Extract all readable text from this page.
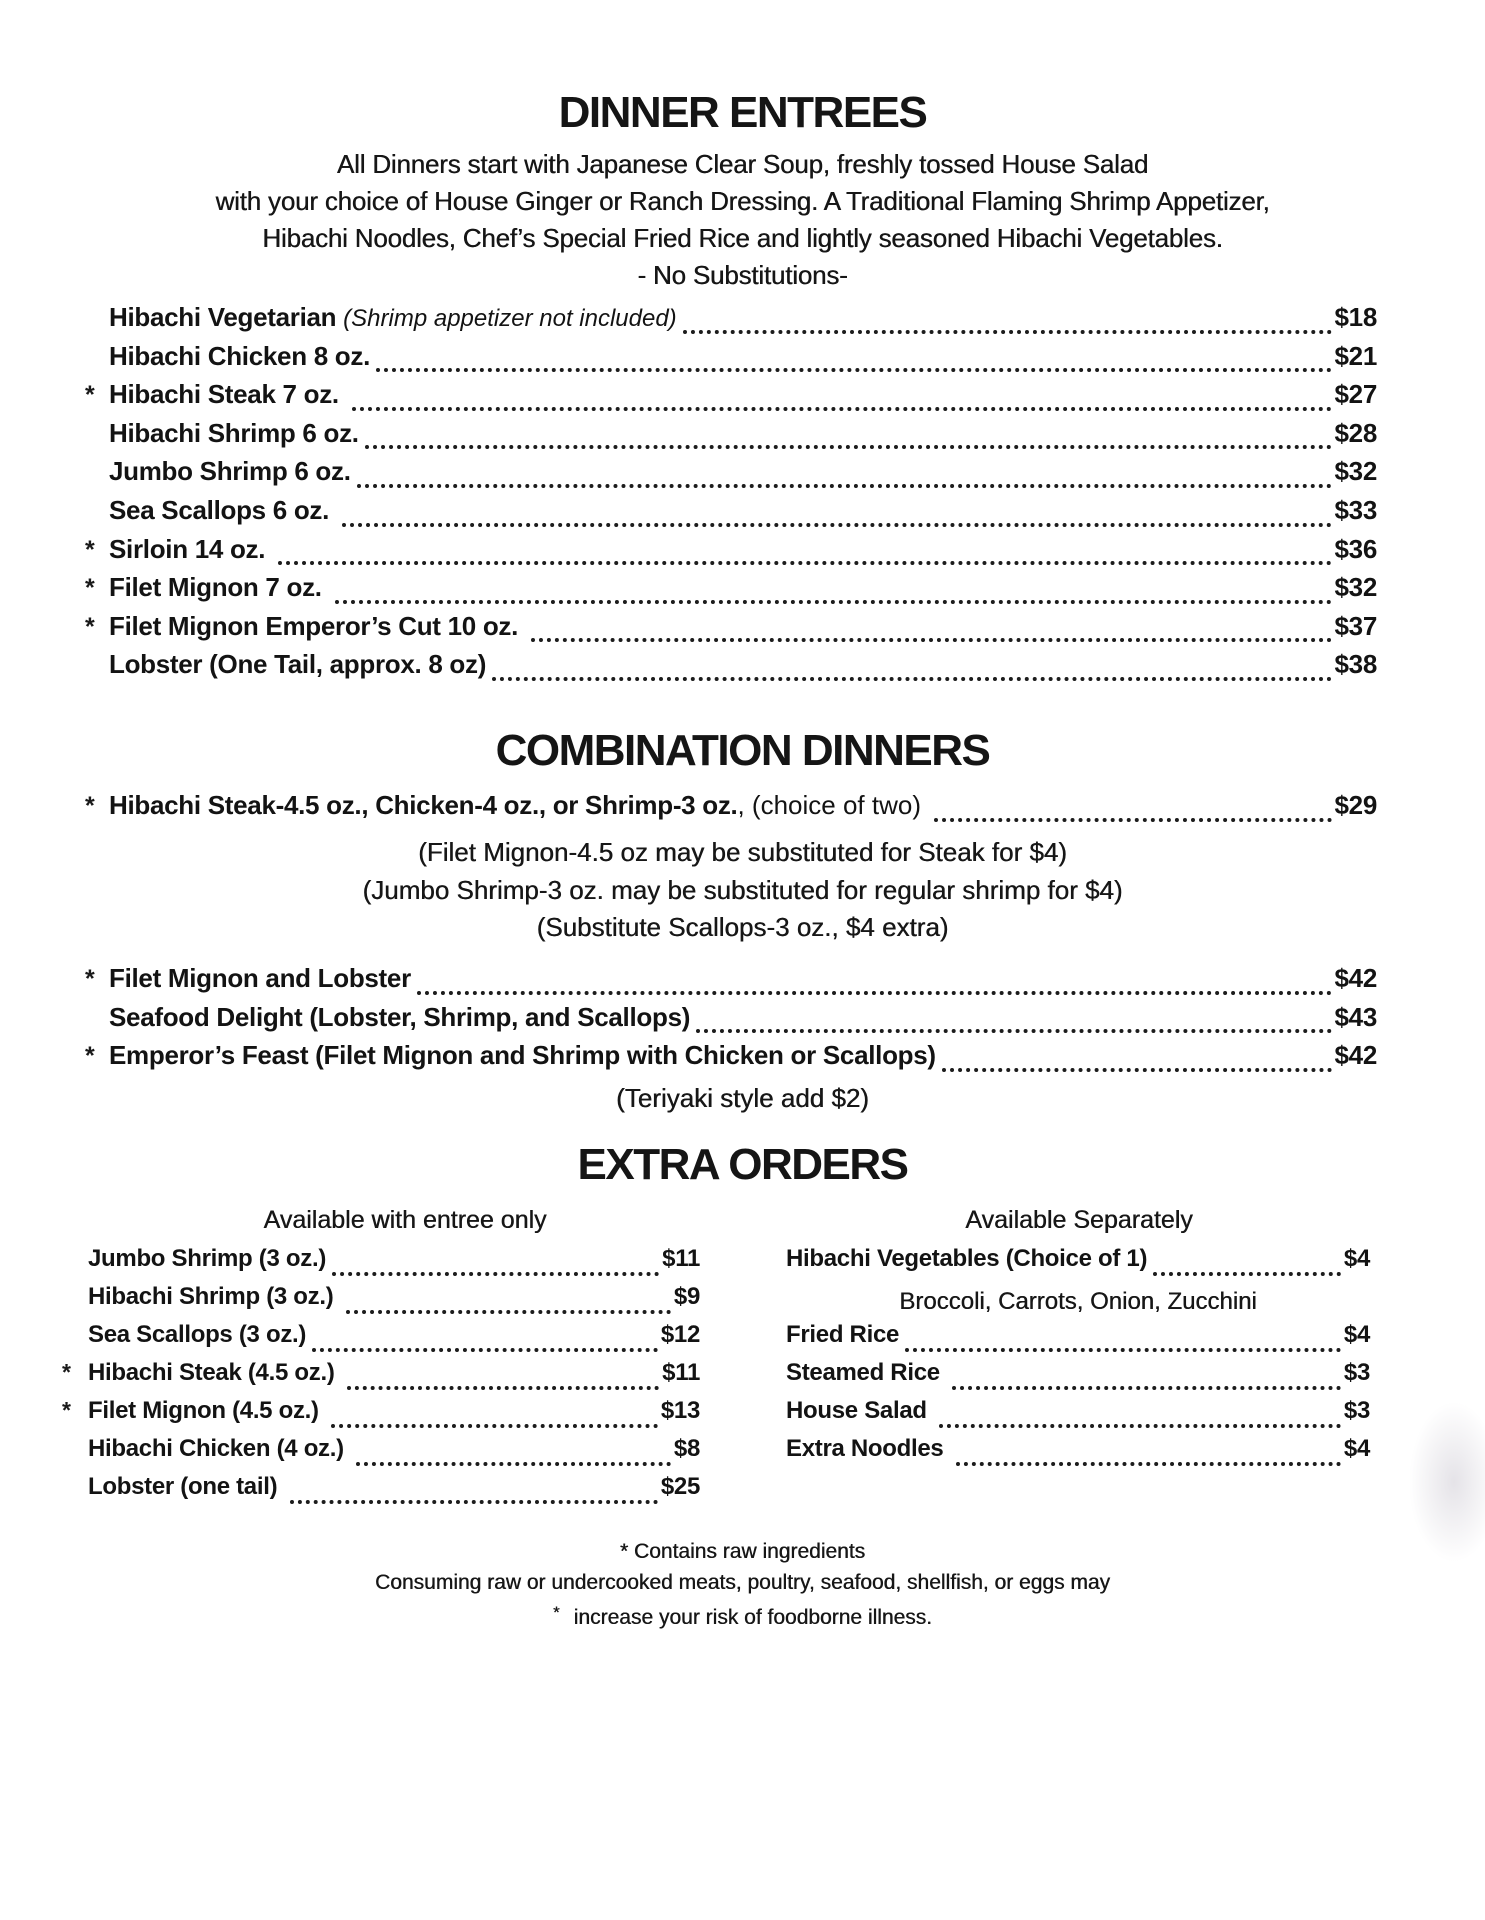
DINNER ENTREES
All Dinners start with Japanese Clear Soup, freshly tossed House Salad
with your choice of House Ginger or Ranch Dressing. A Traditional Flaming Shrimp Appetizer,
Hibachi Noodles, Chef’s Special Fried Rice and lightly seasoned Hibachi Vegetables.
- No Substitutions-
Hibachi Vegetarian (Shrimp appetizer not included)	$18
Hibachi Chicken 8 oz.	$21
* Hibachi Steak 7 oz.	$27
Hibachi Shrimp 6 oz.	$28
Jumbo Shrimp 6 oz.	$32
Sea Scallops 6 oz.	$33
* Sirloin 14 oz.	$36
* Filet Mignon 7 oz.	$32
* Filet Mignon Emperor’s Cut 10 oz.	$37
Lobster (One Tail, approx. 8 oz)	$38
COMBINATION DINNERS
* Hibachi Steak-4.5 oz., Chicken-4 oz., or Shrimp-3 oz., (choice of two)	$29
(Filet Mignon-4.5 oz may be substituted for Steak for $4)
(Jumbo Shrimp-3 oz. may be substituted for regular shrimp for $4)
(Substitute Scallops-3 oz., $4 extra)
* Filet Mignon and Lobster	$42
Seafood Delight (Lobster, Shrimp, and Scallops)	$43
* Emperor’s Feast (Filet Mignon and Shrimp with Chicken or Scallops)	$42
(Teriyaki style add $2)
EXTRA ORDERS
Available with entree only	Available Separately
Jumbo Shrimp (3 oz.)	$11
Hibachi Shrimp (3 oz.)	$9
Sea Scallops (3 oz.)	$12
* Hibachi Steak (4.5 oz.)	$11
* Filet Mignon (4.5 oz.)	$13
Hibachi Chicken (4 oz.)	$8
Lobster (one tail)	$25
Hibachi Vegetables (Choice of 1)	$4
Broccoli, Carrots, Onion, Zucchini
Fried Rice	$4
Steamed Rice	$3
House Salad	$3
Extra Noodles	$4
* Contains raw ingredients
Consuming raw or undercooked meats, poultry, seafood, shellfish, or eggs may
* increase your risk of foodborne illness.
